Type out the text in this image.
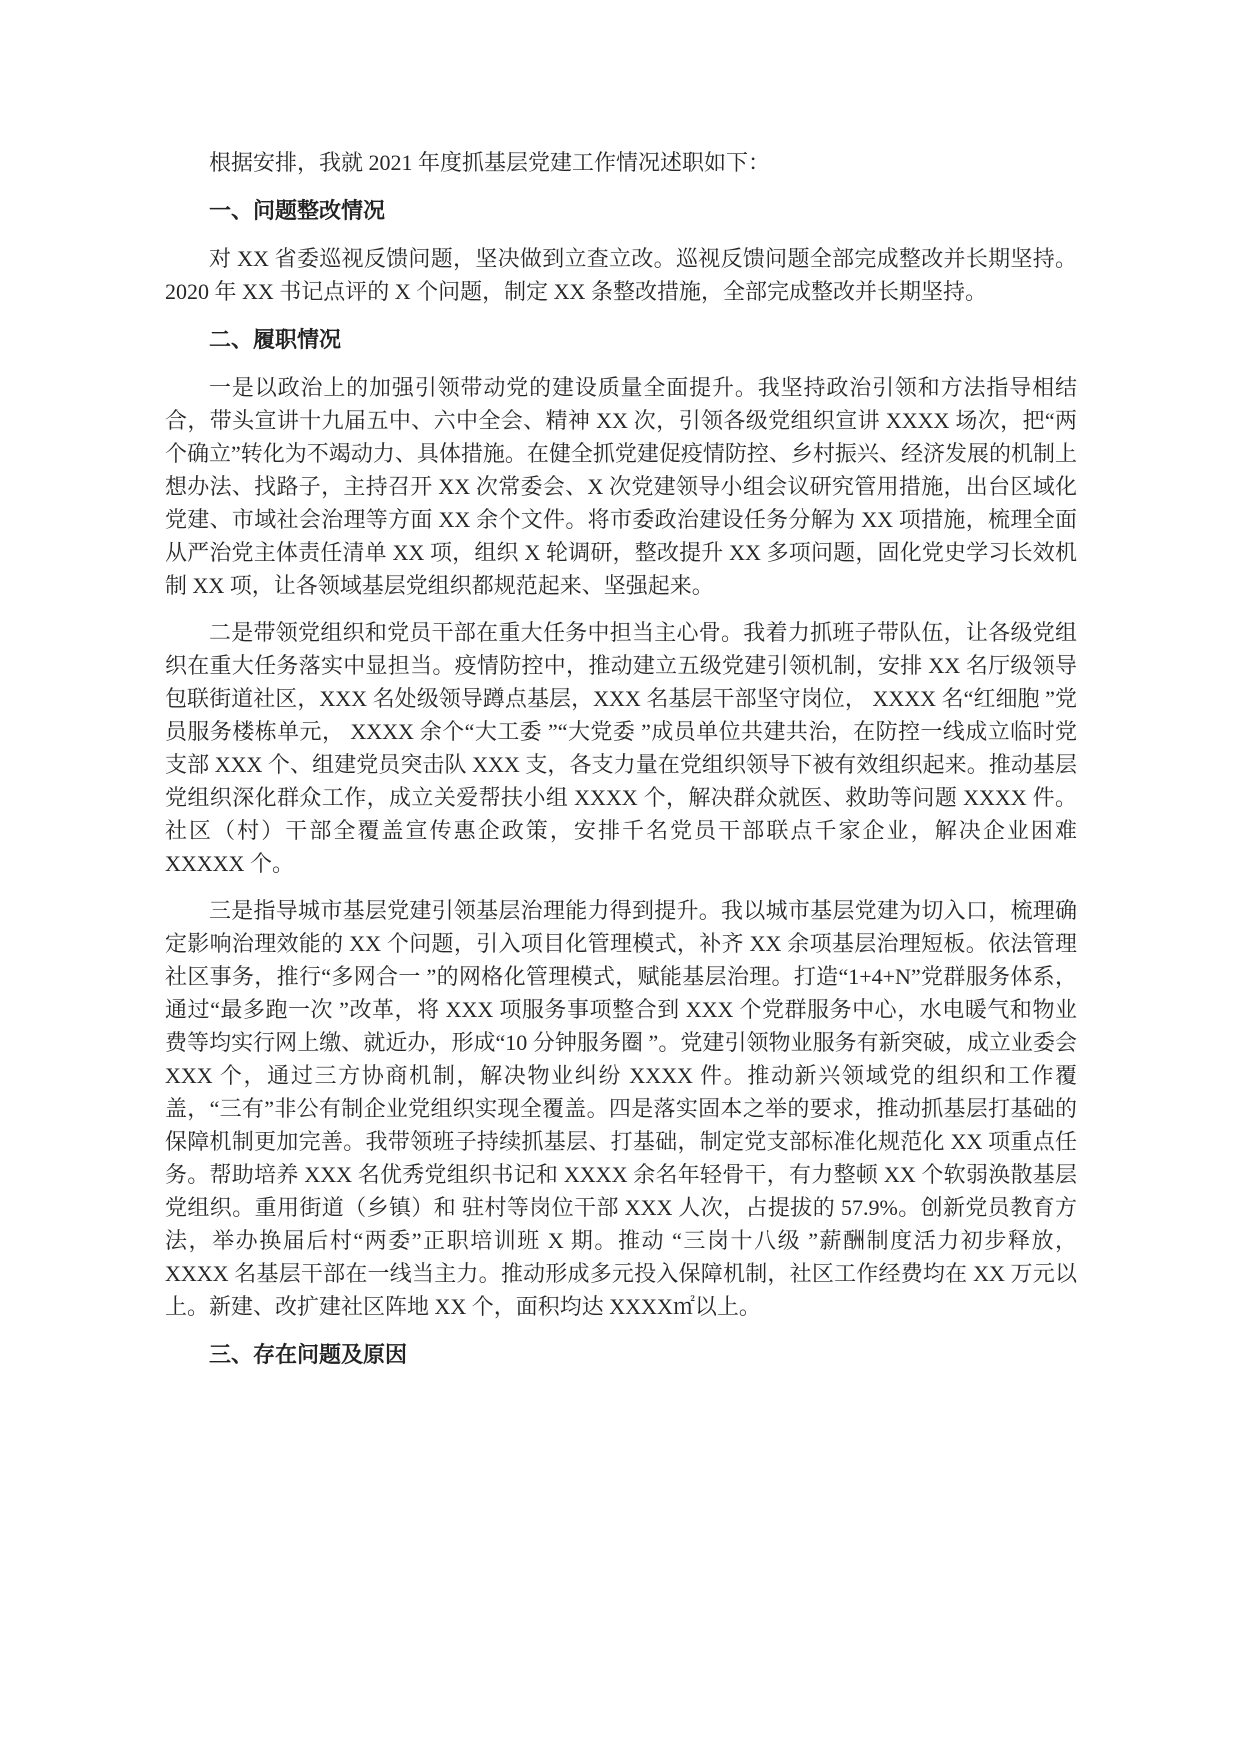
根据安排，我就 2021 年度抓基层党建工作情况述职如下：

一、问题整改情况

对 XX 省委巡视反馈问题，坚决做到立查立改。巡视反馈问题全部完成整改并长期坚持。2020 年 XX 书记点评的 X 个问题，制定 XX 条整改措施，全部完成整改并长期坚持。

二、履职情况

一是以政治上的加强引领带动党的建设质量全面提升。我坚持政治引领和方法指导相结合，带头宣讲十九届五中、六中全会、精神 XX 次，引领各级党组织宣讲 XXXX 场次，把“两个确立”转化为不竭动力、具体措施。在健全抓党建促疫情防控、乡村振兴、经济发展的机制上想办法、找路子，主持召开 XX 次常委会、X 次党建领导小组会议研究管用措施，出台区域化党建、市域社会治理等方面 XX 余个文件。将市委政治建设任务分解为 XX 项措施，梳理全面从严治党主体责任清单 XX 项，组织 X 轮调研，整改提升 XX 多项问题，固化党史学习长效机制 XX 项，让各领域基层党组织都规范起来、坚强起来。

二是带领党组织和党员干部在重大任务中担当主心骨。我着力抓班子带队伍，让各级党组织在重大任务落实中显担当。疫情防控中，推动建立五级党建引领机制，安排 XX 名厅级领导包联街道社区，XXX 名处级领导蹲点基层，XXX 名基层干部坚守岗位， XXXX 名“红细胞 ”党员服务楼栋单元， XXXX 余个“大工委 ”“大党委 ”成员单位共建共治，在防控一线成立临时党支部 XXX 个、组建党员突击队 XXX 支，各支力量在党组织领导下被有效组织起来。推动基层党组织深化群众工作，成立关爱帮扶小组 XXXX 个，解决群众就医、救助等问题 XXXX 件。社区（村）干部全覆盖宣传惠企政策，安排千名党员干部联点千家企业，解决企业困难 XXXXX 个。

三是指导城市基层党建引领基层治理能力得到提升。我以城市基层党建为切入口，梳理确定影响治理效能的 XX 个问题，引入项目化管理模式，补齐 XX 余项基层治理短板。依法管理社区事务，推行“多网合一 ”的网格化管理模式，赋能基层治理。打造“1+4+N”党群服务体系，通过“最多跑一次 ”改革，将 XXX 项服务事项整合到 XXX 个党群服务中心，水电暖气和物业费等均实行网上缴、就近办，形成“10 分钟服务圈 ”。党建引领物业服务有新突破，成立业委会 XXX 个，通过三方协商机制，解决物业纠纷 XXXX 件。推动新兴领域党的组织和工作覆盖，“三有”非公有制企业党组织实现全覆盖。四是落实固本之举的要求，推动抓基层打基础的保障机制更加完善。我带领班子持续抓基层、打基础，制定党支部标准化规范化 XX 项重点任务。帮助培养 XXX 名优秀党组织书记和 XXXX 余名年轻骨干，有力整顿 XX 个软弱涣散基层党组织。重用街道（乡镇）和 驻村等岗位干部 XXX 人次，占提拔的 57.9%。创新党员教育方法，举办换届后村“两委”正职培训班 X 期。推动 “三岗十八级 ”薪酬制度活力初步释放， XXXX 名基层干部在一线当主力。推动形成多元投入保障机制，社区工作经费均在 XX 万元以上。新建、改扩建社区阵地 XX 个，面积均达 XXXX㎡以上。

三、存在问题及原因
